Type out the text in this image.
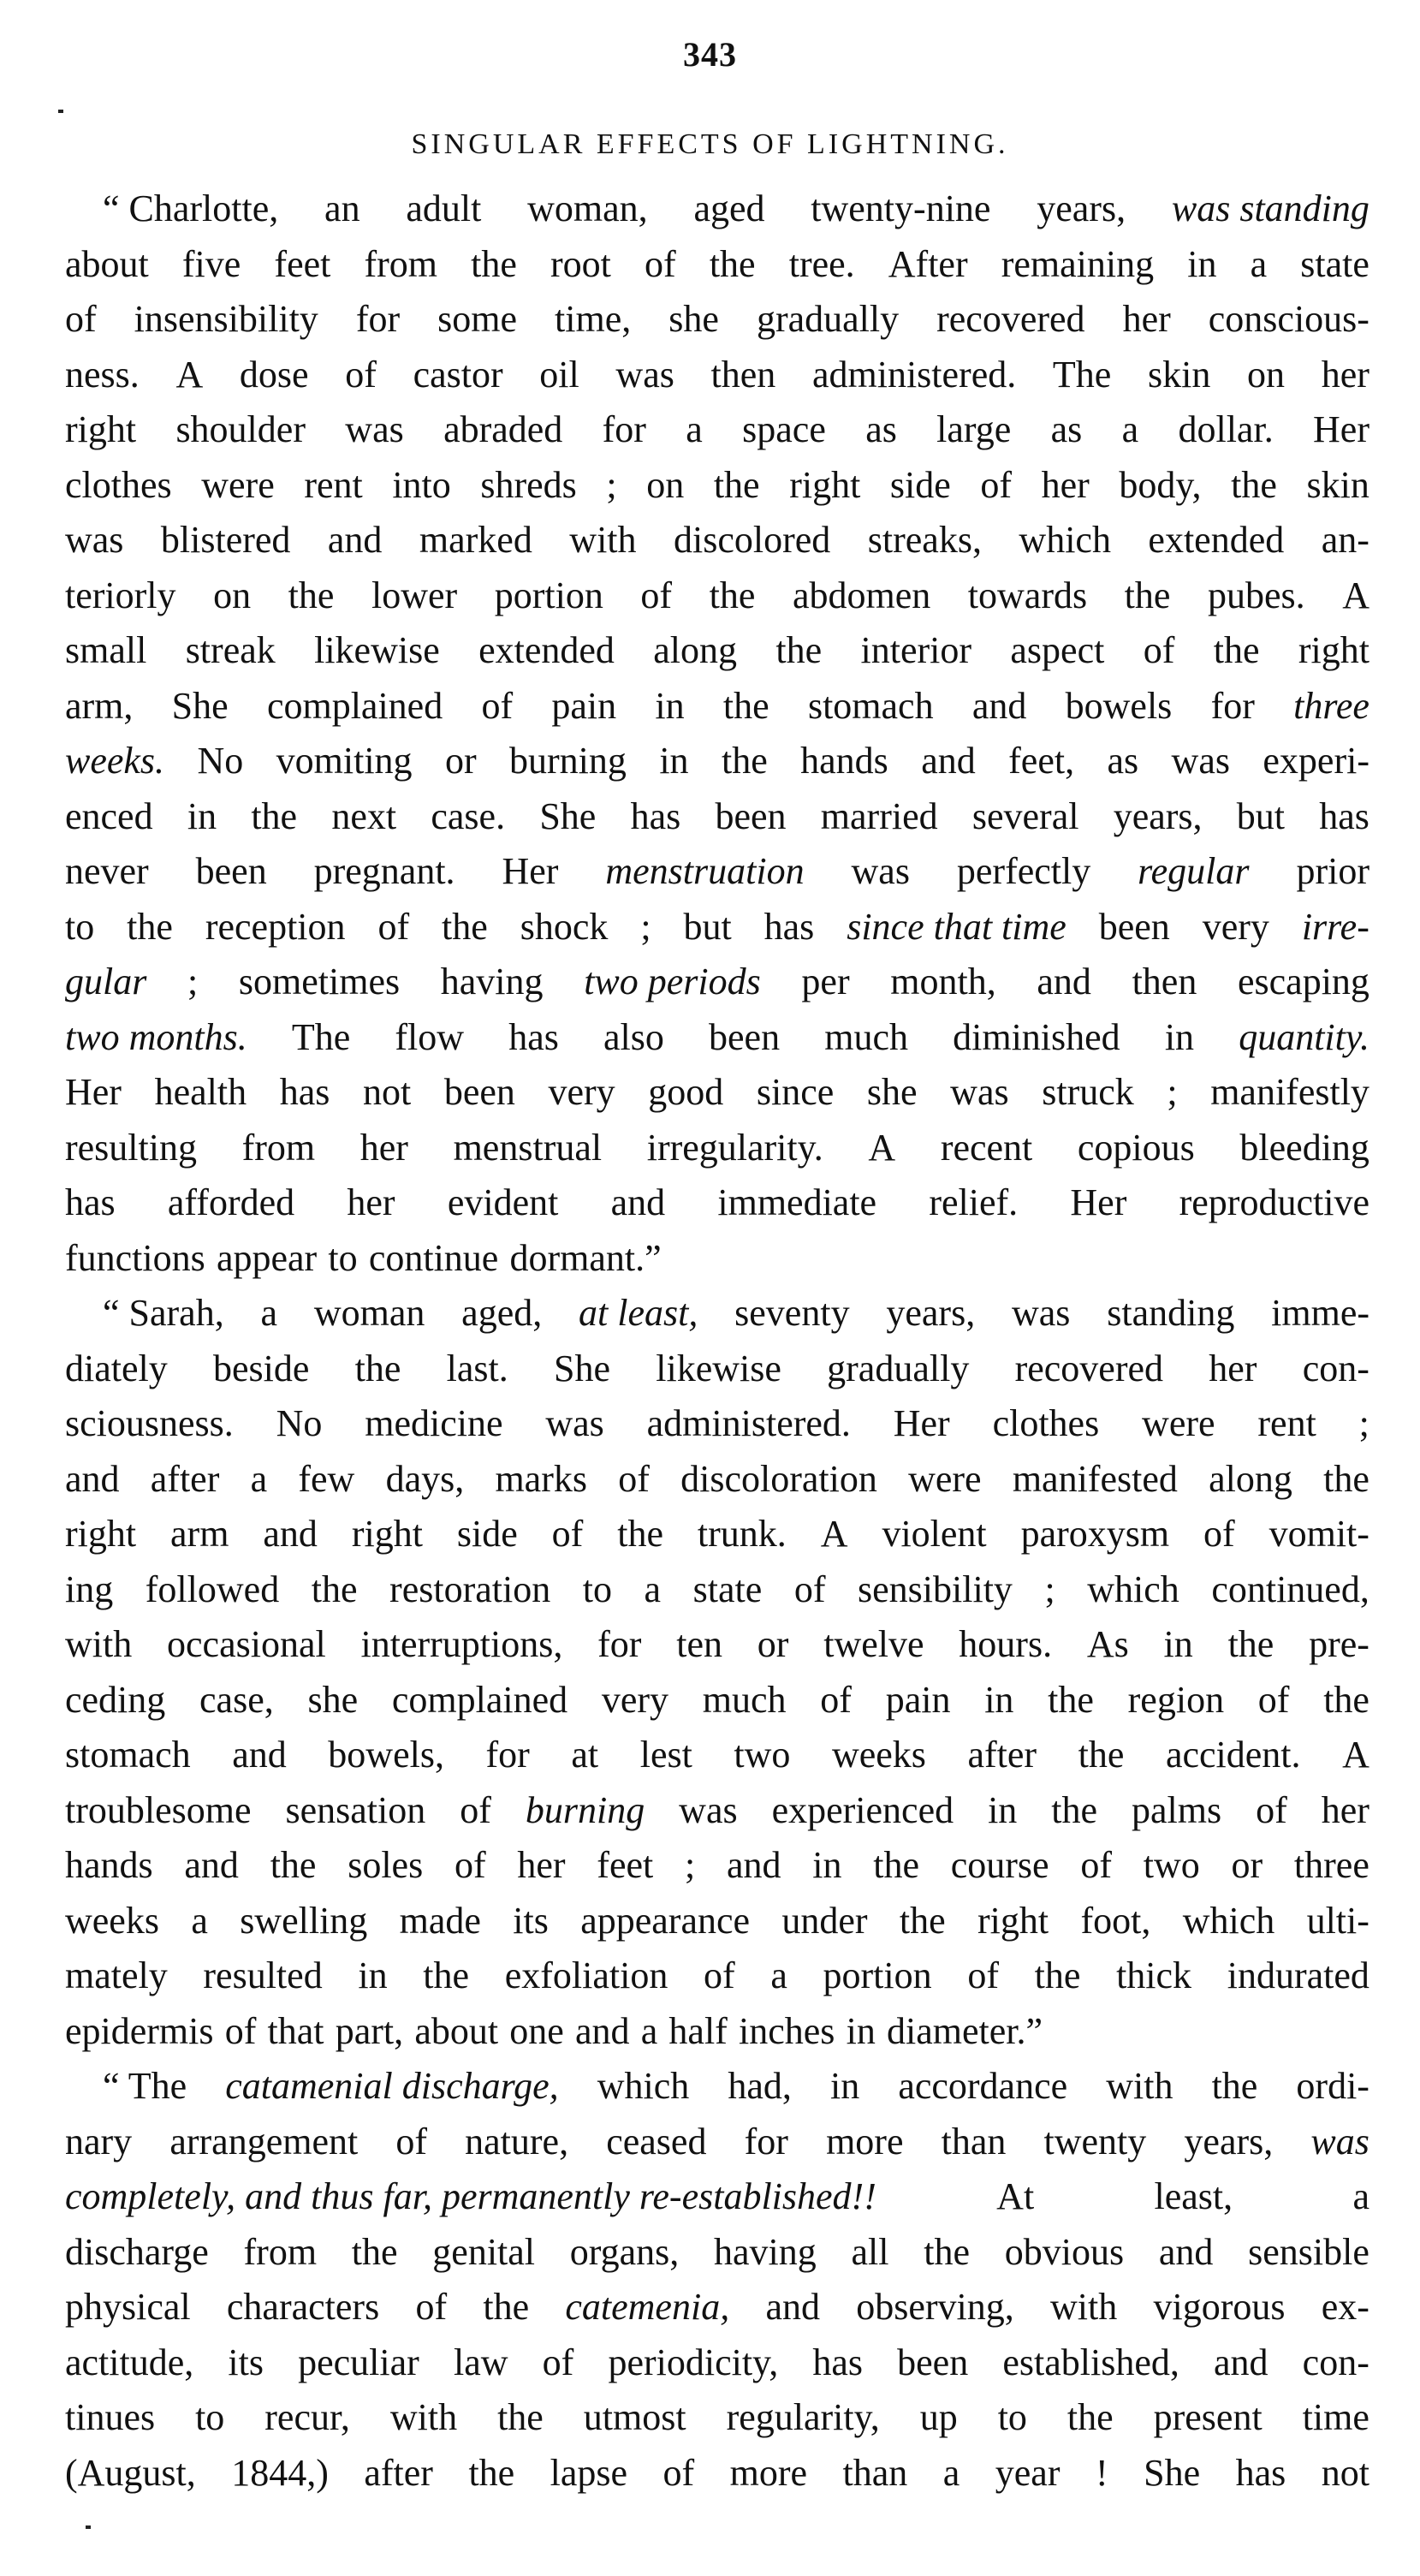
343
SINGULAR EFFECTS OF LIGHTNING.
“ Charlotte, an adult woman, aged twenty-nine years, was standing
about five feet from the root of the tree. After remaining in a state
of insensibility for some time, she gradually recovered her conscious-
ness. A dose of castor oil was then administered. The skin on her
right shoulder was abraded for a space as large as a dollar. Her
clothes were rent into shreds ; on the right side of her body, the skin
was blistered and marked with discolored streaks, which extended an-
teriorly on the lower portion of the abdomen towards the pubes. A
small streak likewise extended along the interior aspect of the right
arm, She complained of pain in the stomach and bowels for three
weeks. No vomiting or burning in the hands and feet, as was experi-
enced in the next case. She has been married several years, but has
never been pregnant. Her menstruation was perfectly regular prior
to the reception of the shock ; but has since that time been very irre-
gular ; sometimes having two periods per month, and then escaping
two months. The flow has also been much diminished in quantity.
Her health has not been very good since she was struck ; manifestly
resulting from her menstrual irregularity. A recent copious bleeding
has afforded her evident and immediate relief. Her reproductive
functions appear to continue dormant.”
“ Sarah, a woman aged, at least, seventy years, was standing imme-
diately beside the last. She likewise gradually recovered her con-
sciousness. No medicine was administered. Her clothes were rent ;
and after a few days, marks of discoloration were manifested along the
right arm and right side of the trunk. A violent paroxysm of vomit-
ing followed the restoration to a state of sensibility ; which continued,
with occasional interruptions, for ten or twelve hours. As in the pre-
ceding case, she complained very much of pain in the region of the
stomach and bowels, for at lest two weeks after the accident. A
troublesome sensation of burning was experienced in the palms of her
hands and the soles of her feet ; and in the course of two or three
weeks a swelling made its appearance under the right foot, which ulti-
mately resulted in the exfoliation of a portion of the thick indurated
epidermis of that part, about one and a half inches in diameter.”
“ The catamenial discharge, which had, in accordance with the ordi-
nary arrangement of nature, ceased for more than twenty years, was
completely, and thus far, permanently re-established!!	At	least,	a
discharge from the genital organs, having all the obvious and sensible
physical characters of the catemenia, and observing, with vigorous ex-
actitude, its peculiar law of periodicity, has been established, and con-
tinues to recur, with the utmost regularity, up to the present time
(August, 1844,) after the lapse of more than a year ! She has not
